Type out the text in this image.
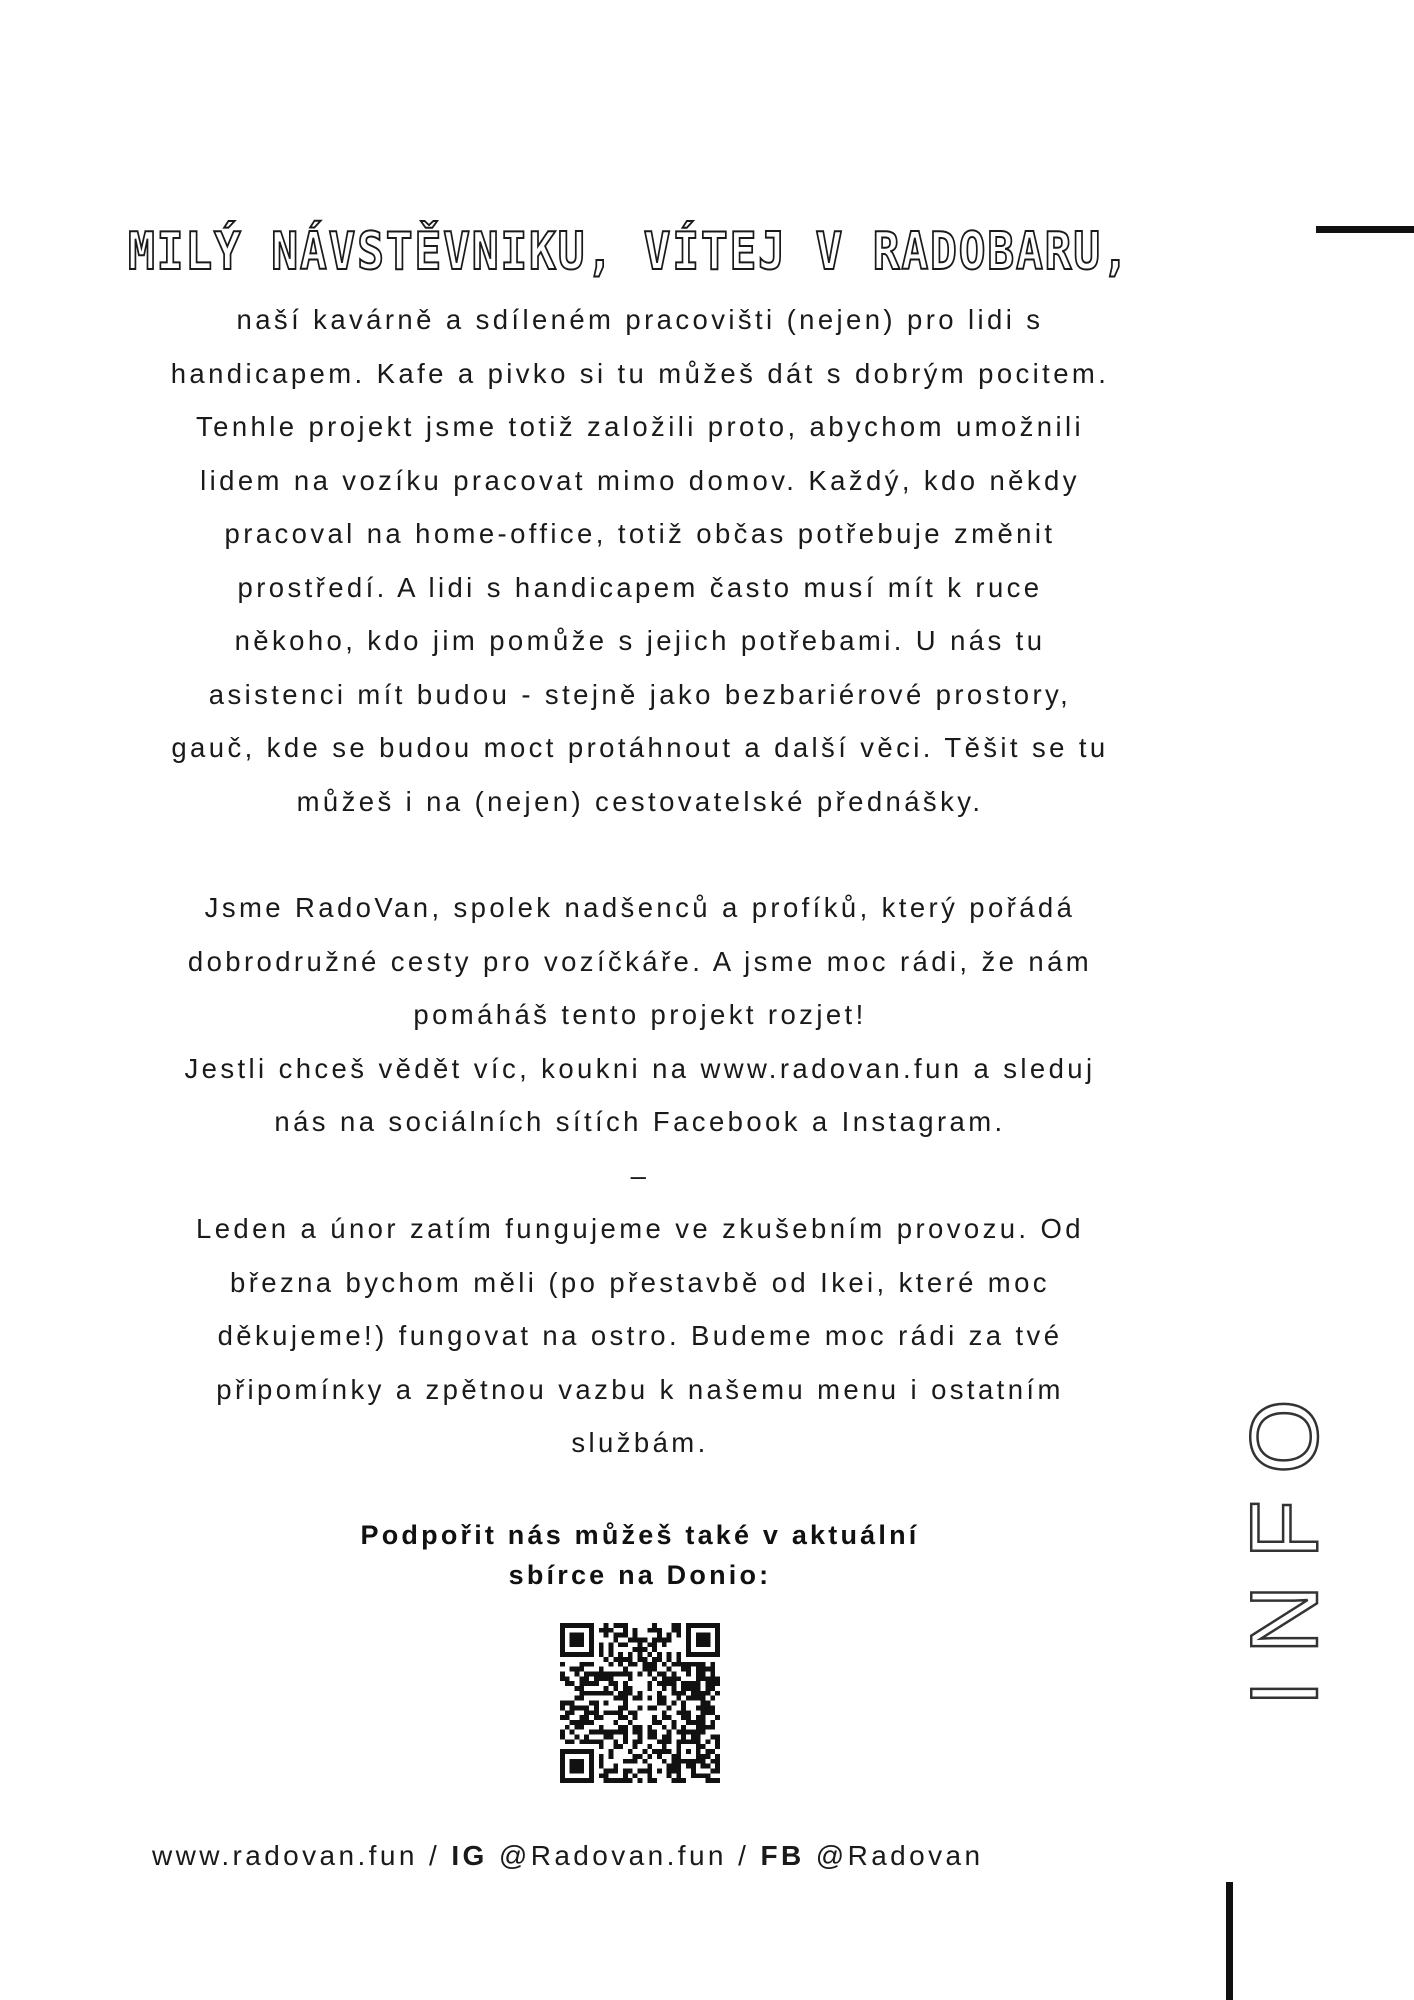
MILÝ NÁVSTĚVNIKU, VÍTEJ V RADOBARU,

naší kavárně a sdíleném pracovišti (nejen) pro lidi s
handicapem. Kafe a pivko si tu můžeš dát s dobrým pocitem.
Tenhle projekt jsme totiž založili proto, abychom umožnili
lidem na vozíku pracovat mimo domov. Každý, kdo někdy
pracoval na home-office, totiž občas potřebuje změnit
prostředí. A lidi s handicapem často musí mít k ruce
někoho, kdo jim pomůže s jejich potřebami. U nás tu
asistenci mít budou - stejně jako bezbariérové prostory,
gauč, kde se budou moct protáhnout a další věci. Těšit se tu
můžeš i na (nejen) cestovatelské přednášky.

Jsme RadoVan, spolek nadšenců a profíků, který pořádá
dobrodružné cesty pro vozíčkáře. A jsme moc rádi, že nám
pomáháš tento projekt rozjet!
Jestli chceš vědět víc, koukni na www.radovan.fun a sleduj
nás na sociálních sítích Facebook a Instagram.
–
Leden a únor zatím fungujeme ve zkušebním provozu. Od
března bychom měli (po přestavbě od Ikei, které moc
děkujeme!) fungovat na ostro. Budeme moc rádi za tvé
připomínky a zpětnou vazbu k našemu menu i ostatním
službám.

Podpořit nás můžeš také v aktuální
sbírce na Donio:

www.radovan.fun / IG @Radovan.fun / FB @Radovan
INFO
